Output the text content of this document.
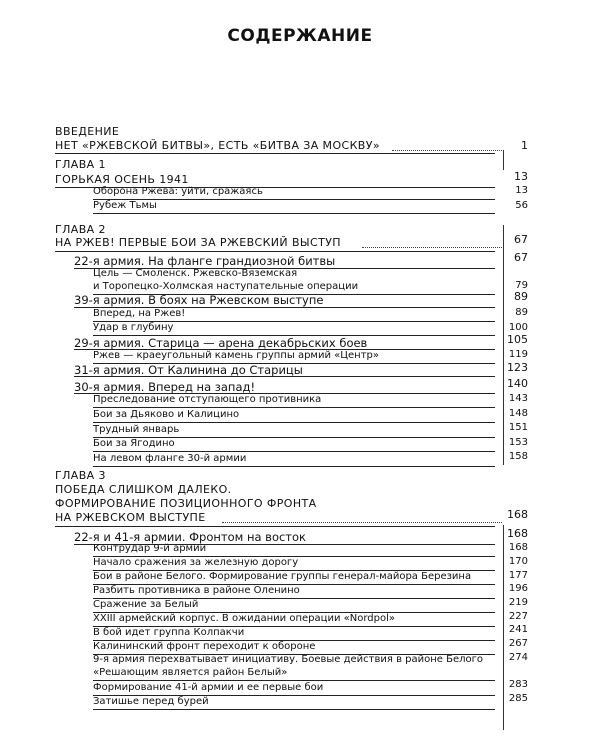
СОДЕРЖАНИЕ
ВВЕДЕНИЕ
НЕТ «РЖЕВСКОЙ БИТВЫ», ЕСТЬ «БИТВА ЗА МОСКВУ»	1
ГЛАВА 1
ГОРЬКАЯ ОСЕНЬ 1941	13
Оборона Ржева: уйти, сражаясь	13
Рубеж Тьмы	56
ГЛАВА 2
НА РЖЕВ! ПЕРВЫЕ БОИ ЗА РЖЕВСКИЙ ВЫСТУП	67
22-я армия. На фланге грандиозной битвы	67
Цель — Смоленск. Ржевско-Вяземская
и Торопецко-Холмская наступательные операции	79
39-я армия. В боях на Ржевском выступе	89
Вперед, на Ржев!	89
Удар в глубину	100
29-я армия. Старица — арена декабрьских боев	105
Ржев — краеугольный камень группы армий «Центр»	119
31-я армия. От Калинина до Старицы	123
30-я армия. Вперед на запад!	140
Преследование отступающего противника	143
Бои за Дьяково и Калицино	148
Трудный январь	151
Бои за Ягодино	153
На левом фланге 30-й армии	158
ГЛАВА 3
ПОБЕДА СЛИШКОМ ДАЛЕКО.
ФОРМИРОВАНИЕ ПОЗИЦИОННОГО ФРОНТА
НА РЖЕВСКОМ ВЫСТУПЕ	168
22-я и 41-я армии. Фронтом на восток	168
Контрудар 9-й армии	168
Начало сражения за железную дорогу	170
Бои в районе Белого. Формирование группы генерал-майора Березина	177
Разбить противника в районе Оленино	196
Сражение за Белый	219
XXIII армейский корпус. В ожидании операции «Nordpol»	227
В бой идет группа Колпакчи	241
Калининский фронт переходит к обороне	267
9-я армия перехватывает инициативу. Боевые действия в районе Белого	274
«Решающим является район Белый»
Формирование 41-й армии и ее первые бои	283
Затишье перед бурей	285
